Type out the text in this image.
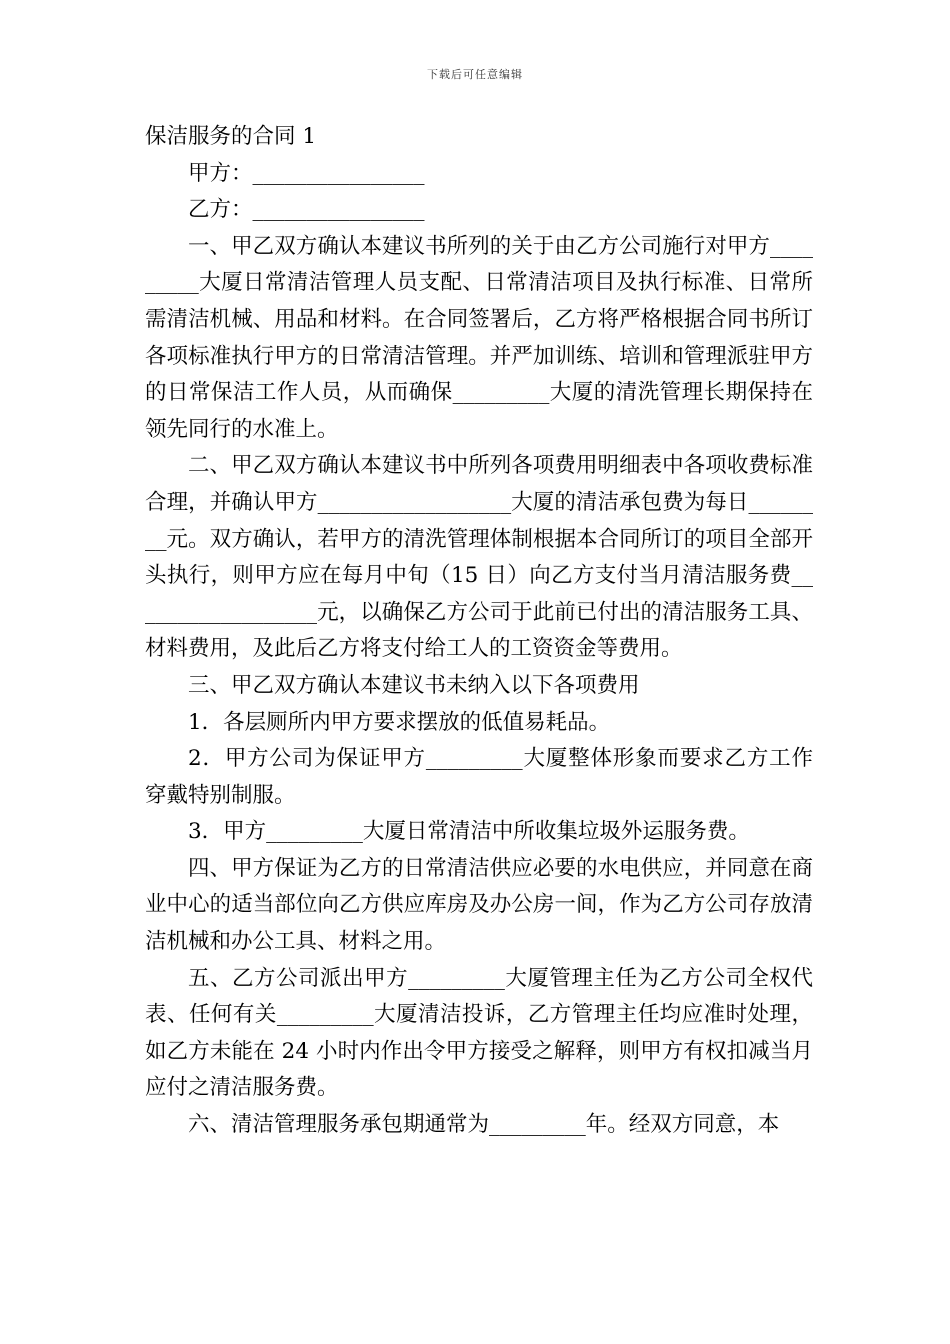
下载后可任意编辑
保洁服务的合同 1

甲方：________________

乙方：________________

一、甲乙双方确认本建议书所列的关于由乙方公司施行对甲方_________大厦日常清洁管理人员支配、日常清洁项目及执行标准、日常所需清洁机械、用品和材料。在合同签署后，乙方将严格根据合同书所订各项标准执行甲方的日常清洁管理。并严加训练、培训和管理派驻甲方的日常保洁工作人员，从而确保_________大厦的清洗管理长期保持在领先同行的水准上。

二、甲乙双方确认本建议书中所列各项费用明细表中各项收费标准合理，并确认甲方__________________大厦的清洁承包费为每日________元。双方确认，若甲方的清洗管理体制根据本合同所订的项目全部开头执行，则甲方应在每月中旬（15 日）向乙方支付当月清洁服务费__________________元，以确保乙方公司于此前已付出的清洁服务工具、材料费用，及此后乙方将支付给工人的工资资金等费用。

三、甲乙双方确认本建议书未纳入以下各项费用

1．各层厕所内甲方要求摆放的低值易耗品。

2．甲方公司为保证甲方_________大厦整体形象而要求乙方工作穿戴特别制服。

3．甲方_________大厦日常清洁中所收集垃圾外运服务费。

四、甲方保证为乙方的日常清洁供应必要的水电供应，并同意在商业中心的适当部位向乙方供应库房及办公房一间，作为乙方公司存放清洁机械和办公工具、材料之用。

五、乙方公司派出甲方_________大厦管理主任为乙方公司全权代表、任何有关_________大厦清洁投诉，乙方管理主任均应准时处理，如乙方未能在 24 小时内作出令甲方接受之解释，则甲方有权扣减当月应付之清洁服务费。

六、清洁管理服务承包期通常为_________年。经双方同意，本
